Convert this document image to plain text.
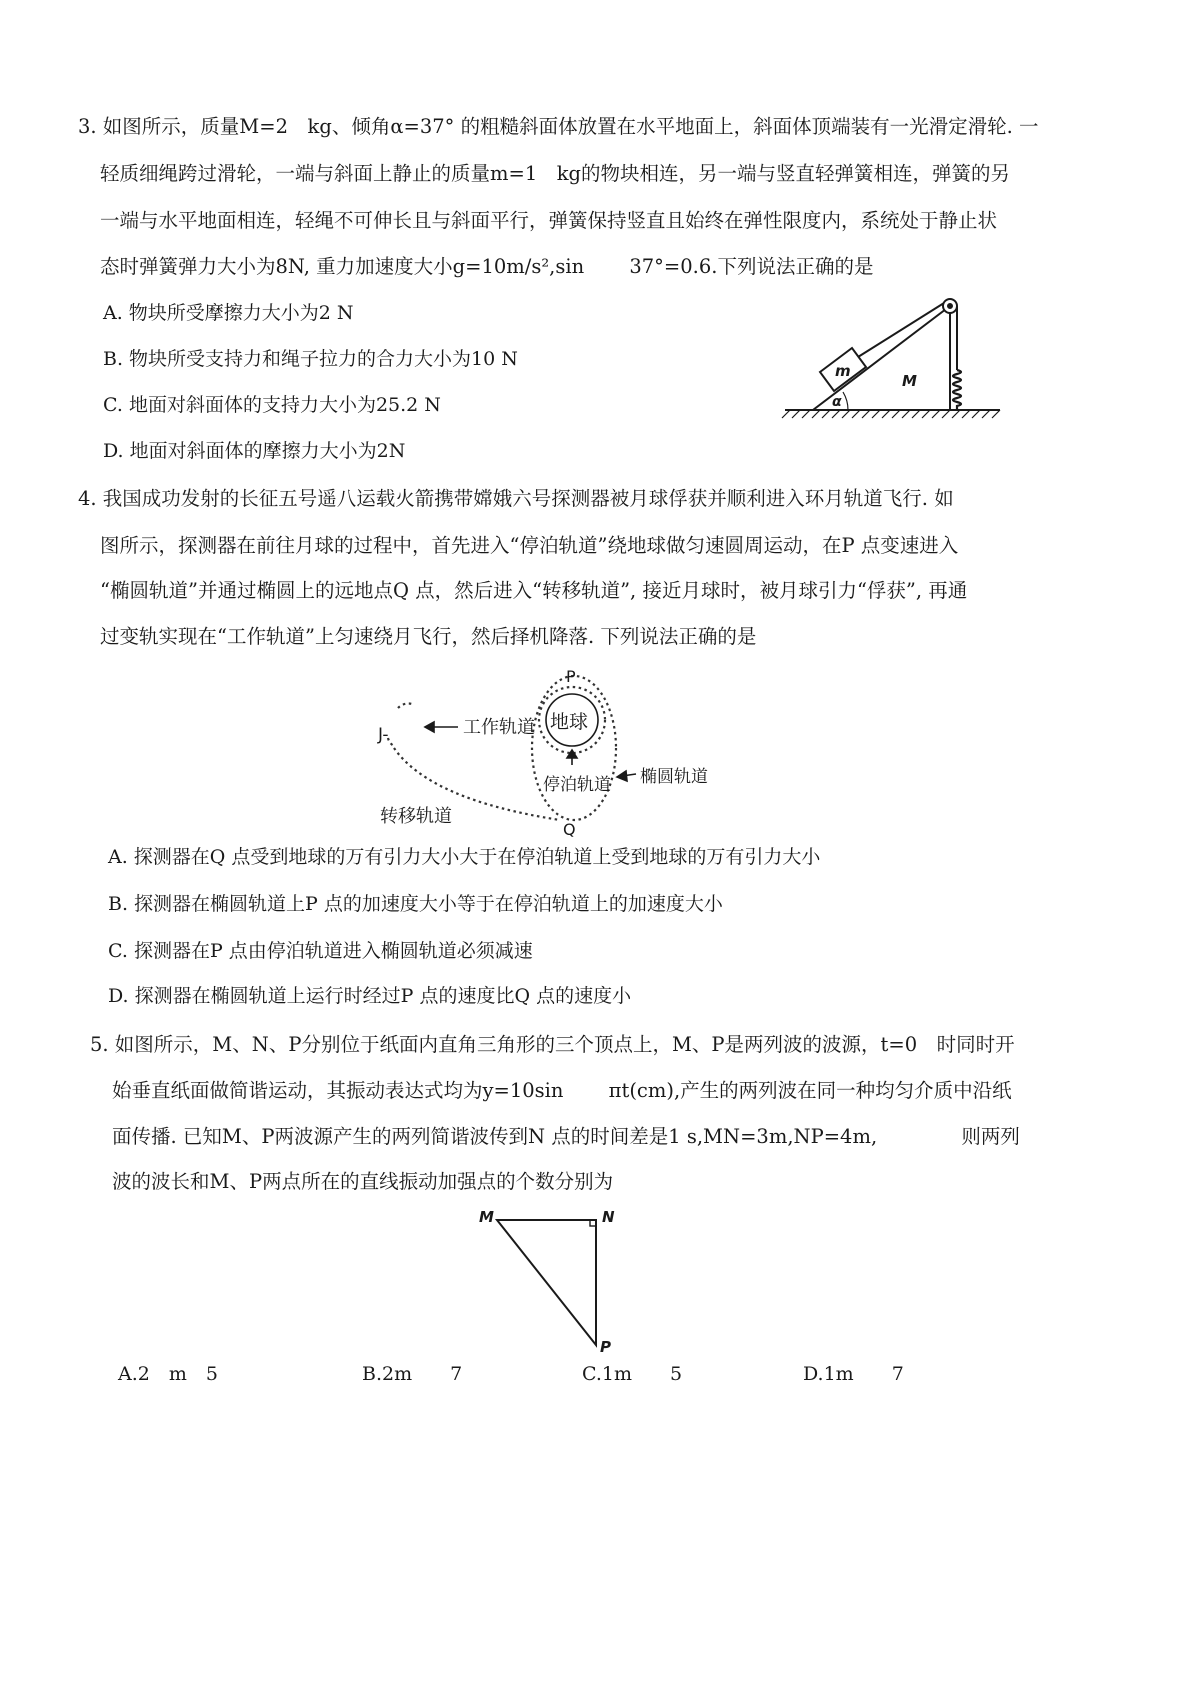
3. 如图所示，质量M=2　kg、倾角α=37° 的粗糙斜面体放置在水平地面上，斜面体顶端装有一光滑定滑轮. 一
轻质细绳跨过滑轮，一端与斜面上静止的质量m=1　kg的物块相连，另一端与竖直轻弹簧相连，弹簧的另
一端与水平地面相连，轻绳不可伸长且与斜面平行，弹簧保持竖直且始终在弹性限度内，系统处于静止状
态时弹簧弹力大小为8N, 重力加速度大小g=10m/s²,sin　　 37°=0.6.下列说法正确的是
A. 物块所受摩擦力大小为2 N
B. 物块所受支持力和绳子拉力的合力大小为10 N
C. 地面对斜面体的支持力大小为25.2 N
D. 地面对斜面体的摩擦力大小为2N
m
M
α
4. 我国成功发射的长征五号遥八运载火箭携带嫦娥六号探测器被月球俘获并顺利进入环月轨道飞行. 如
图所示，探测器在前往月球的过程中，首先进入“停泊轨道”绕地球做匀速圆周运动，在P 点变速进入
“椭圆轨道”并通过椭圆上的远地点Q 点，然后进入“转移轨道”, 接近月球时，被月球引力“俘获”, 再通
过变轨实现在“工作轨道”上匀速绕月飞行，然后择机降落. 下列说法正确的是
J-	工作轨道 地球
停泊轨道 椭圆轨道
转移轨道
P
Q
A. 探测器在Q 点受到地球的万有引力大小大于在停泊轨道上受到地球的万有引力大小
B. 探测器在椭圆轨道上P 点的加速度大小等于在停泊轨道上的加速度大小
C. 探测器在P 点由停泊轨道进入椭圆轨道必须减速
D. 探测器在椭圆轨道上运行时经过P 点的速度比Q 点的速度小
5. 如图所示，M、N、P分别位于纸面内直角三角形的三个顶点上，M、P是两列波的波源，t=0　时同时开
始垂直纸面做简谐运动，其振动表达式均为y=10sin　　 πt(cm),产生的两列波在同一种均匀介质中沿纸
面传播. 已知M、P两波源产生的两列简谐波传到N 点的时间差是1 s,MN=3m,NP=4m,　　　　 则两列
波的波长和M、P两点所在的直线振动加强点的个数分别为
M	N
P
A.2　m　5	B.2m　　7	C.1m　　5	D.1m　　7
